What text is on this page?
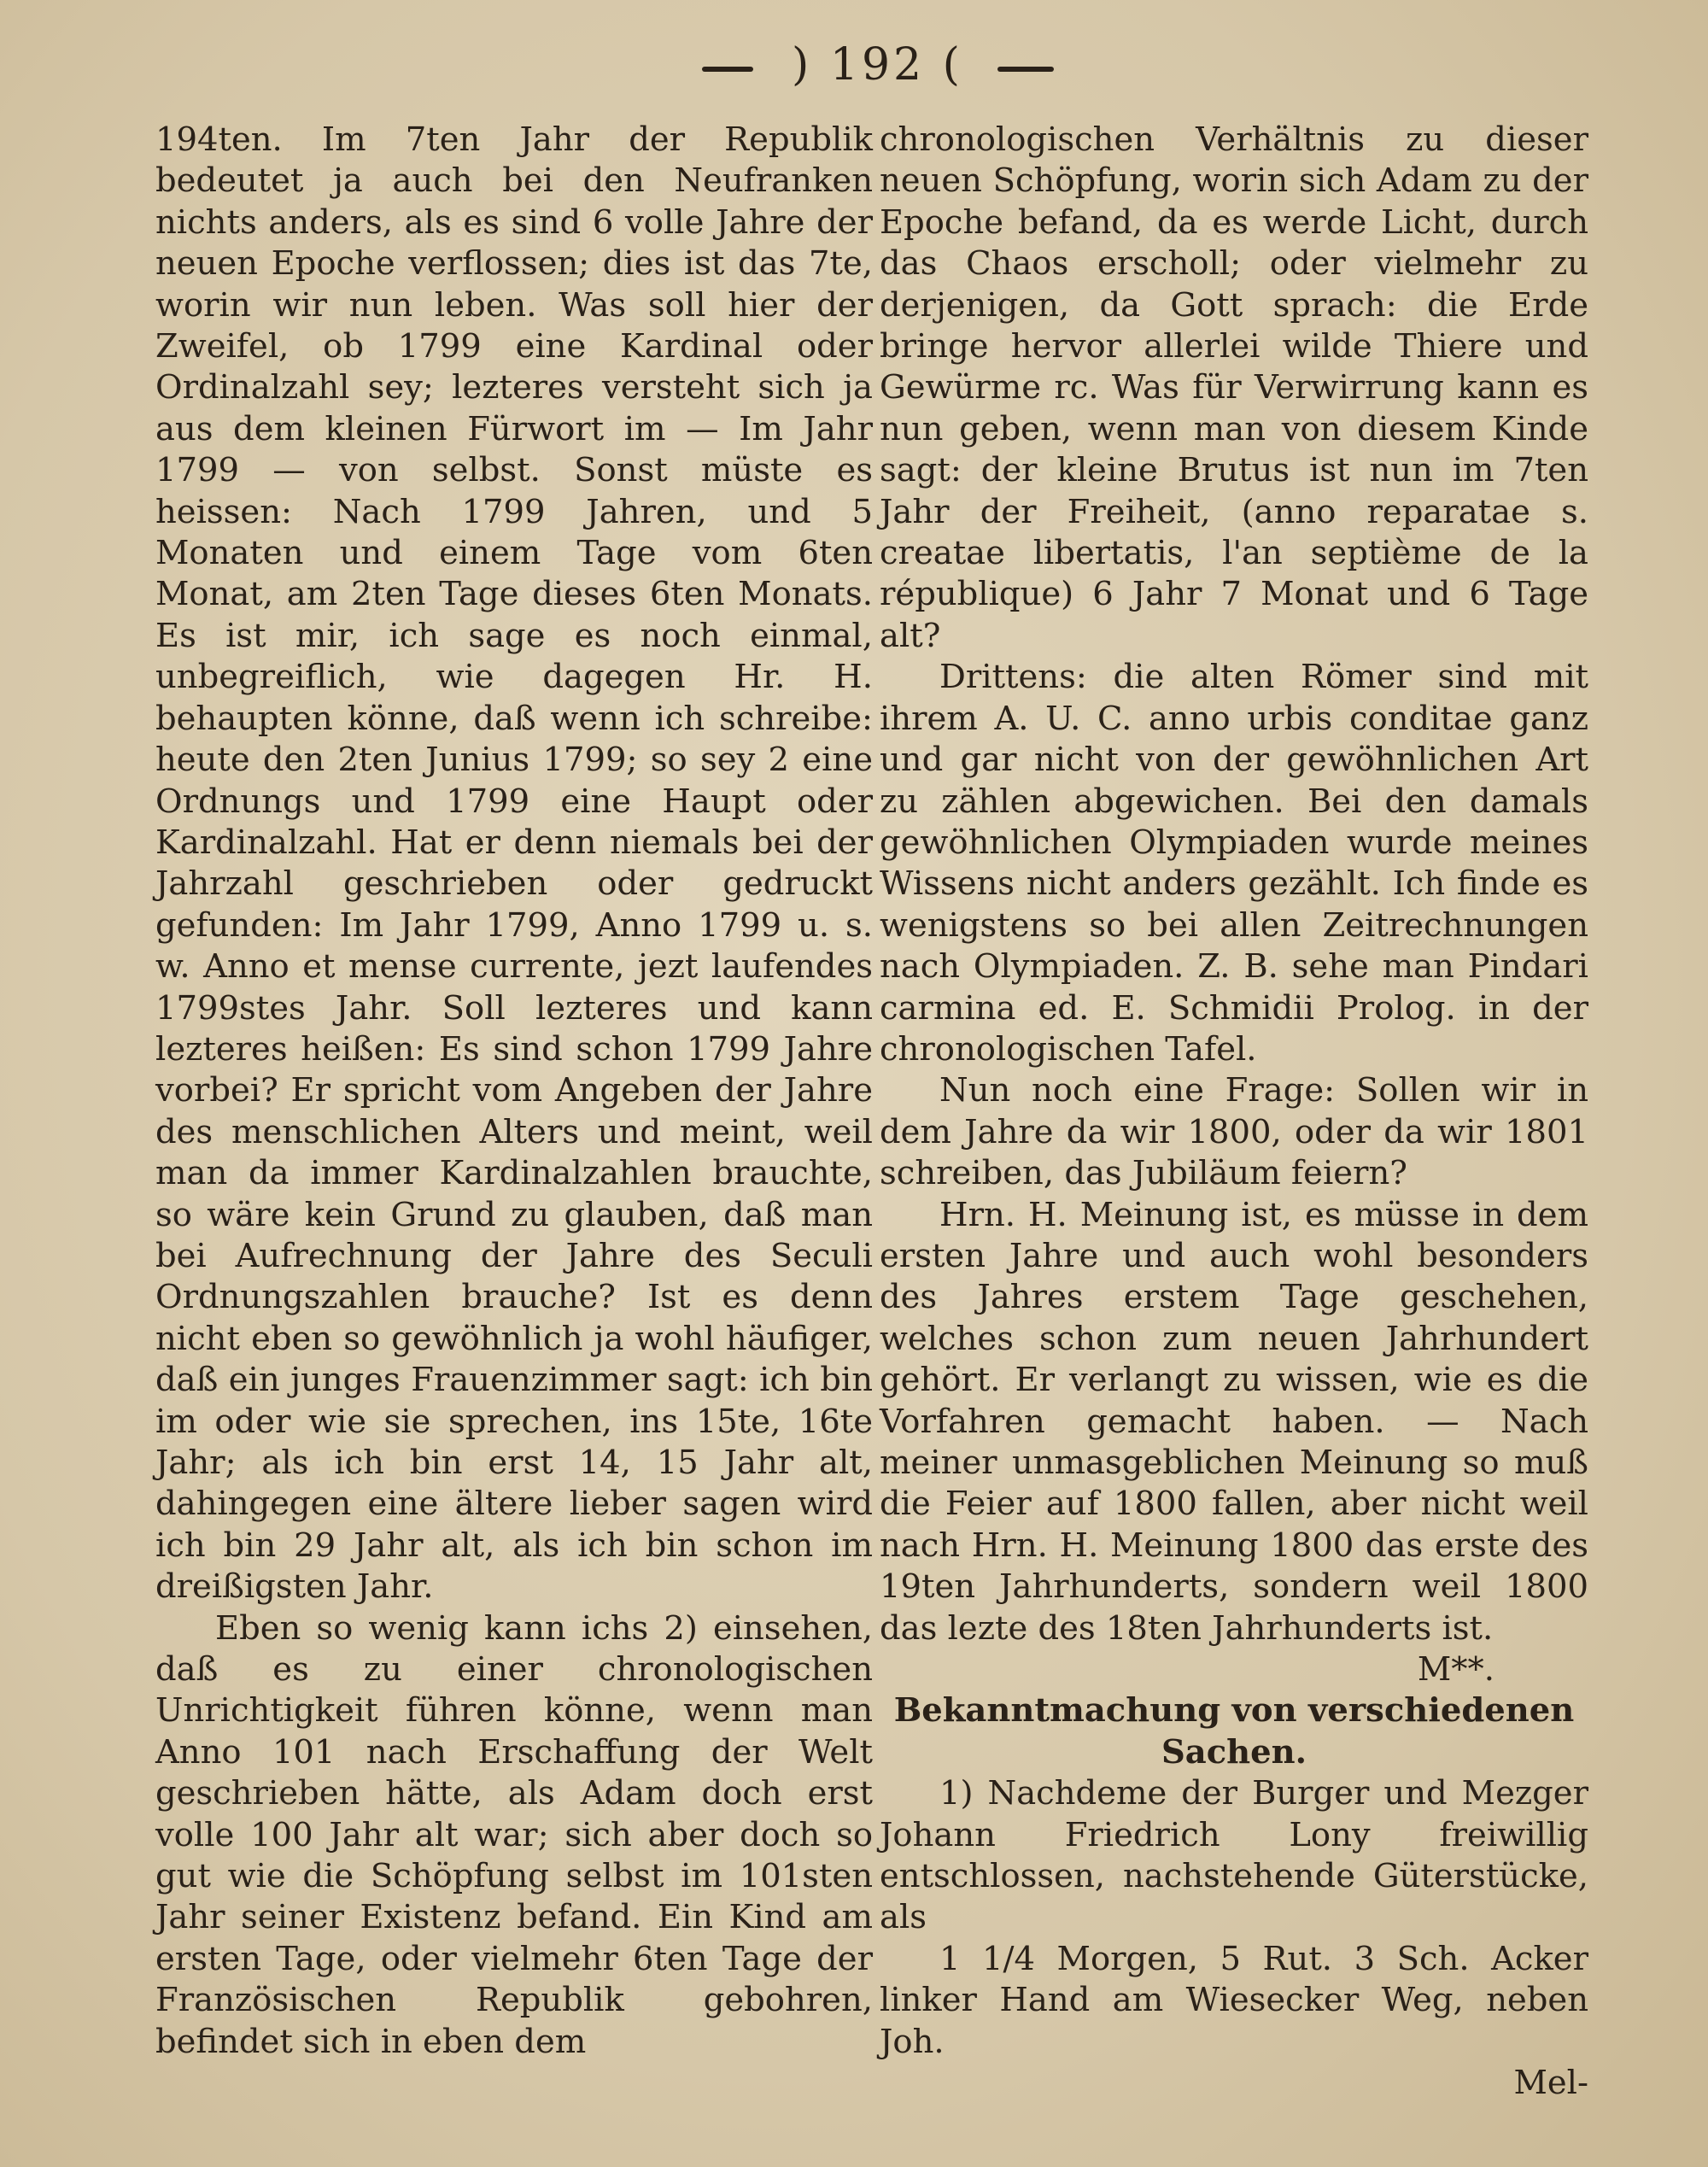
) 192 (

194ten. Im 7ten Jahr der Republik bedeutet ja auch bei den Neufranken nichts anders, als es sind 6 volle Jahre der neuen Epoche verflossen; dies ist das 7te, worin wir nun leben. Was soll hier der Zweifel, ob 1799 eine Kardinal oder Ordinalzahl sey; lezteres versteht sich ja aus dem kleinen Fürwort im — Im Jahr 1799 — von selbst. Sonst müste es heissen: Nach 1799 Jahren, und 5 Monaten und einem Tage vom 6ten Monat, am 2ten Tage dieses 6ten Monats. Es ist mir, ich sage es noch einmal, unbegreiflich, wie dagegen Hr. H. behaupten könne, daß wenn ich schreibe: heute den 2ten Junius 1799; so sey 2 eine Ordnungs und 1799 eine Haupt oder Kardinalzahl. Hat er denn niemals bei der Jahrzahl geschrieben oder gedruckt gefunden: Im Jahr 1799, Anno 1799 u. s. w. Anno et mense currente, jezt laufendes 1799stes Jahr. Soll lezteres und kann lezteres heißen: Es sind schon 1799 Jahre vorbei? Er spricht vom Angeben der Jahre des menschlichen Alters und meint, weil man da immer Kardinalzahlen brauchte, so wäre kein Grund zu glauben, daß man bei Aufrechnung der Jahre des Seculi Ordnungszahlen brauche? Ist es denn nicht eben so gewöhnlich ja wohl häufiger, daß ein junges Frauenzimmer sagt: ich bin im oder wie sie sprechen, ins 15te, 16te Jahr; als ich bin erst 14, 15 Jahr alt, dahingegen eine ältere lieber sagen wird ich bin 29 Jahr alt, als ich bin schon im dreißigsten Jahr.

Eben so wenig kann ichs 2) einsehen, daß es zu einer chronologischen Unrichtigkeit führen könne, wenn man Anno 101 nach Erschaffung der Welt geschrieben hätte, als Adam doch erst volle 100 Jahr alt war; sich aber doch so gut wie die Schöpfung selbst im 101sten Jahr seiner Existenz befand. Ein Kind am ersten Tage, oder vielmehr 6ten Tage der Französischen Republik gebohren, befindet sich in eben dem

chronologischen Verhältnis zu dieser neuen Schöpfung, worin sich Adam zu der Epoche befand, da es werde Licht, durch das Chaos erscholl; oder vielmehr zu derjenigen, da Gott sprach: die Erde bringe hervor allerlei wilde Thiere und Gewürme rc. Was für Verwirrung kann es nun geben, wenn man von diesem Kinde sagt: der kleine Brutus ist nun im 7ten Jahr der Freiheit, (anno reparatae s. creatae libertatis, l'an septième de la république) 6 Jahr 7 Monat und 6 Tage alt?

Drittens: die alten Römer sind mit ihrem A. U. C. anno urbis conditae ganz und gar nicht von der gewöhnlichen Art zu zählen abgewichen. Bei den damals gewöhnlichen Olympiaden wurde meines Wissens nicht anders gezählt. Ich finde es wenigstens so bei allen Zeitrechnungen nach Olympiaden. Z. B. sehe man Pindari carmina ed. E. Schmidii Prolog. in der chronologischen Tafel.

Nun noch eine Frage: Sollen wir in dem Jahre da wir 1800, oder da wir 1801 schreiben, das Jubiläum feiern?

Hrn. H. Meinung ist, es müsse in dem ersten Jahre und auch wohl besonders des Jahres erstem Tage geschehen, welches schon zum neuen Jahrhundert gehört. Er verlangt zu wissen, wie es die Vorfahren gemacht haben. — Nach meiner unmasgeblichen Meinung so muß die Feier auf 1800 fallen, aber nicht weil nach Hrn. H. Meinung 1800 das erste des 19ten Jahrhunderts, sondern weil 1800 das lezte des 18ten Jahrhunderts ist.

M**.

Bekanntmachung von verschiedenen Sachen.

1) Nachdeme der Burger und Mezger Johann Friedrich Lony freiwillig entschlossen, nachstehende Güterstücke, als

1 1/4 Morgen, 5 Rut. 3 Sch. Acker linker Hand am Wiesecker Weg, neben Joh.

Mel-
